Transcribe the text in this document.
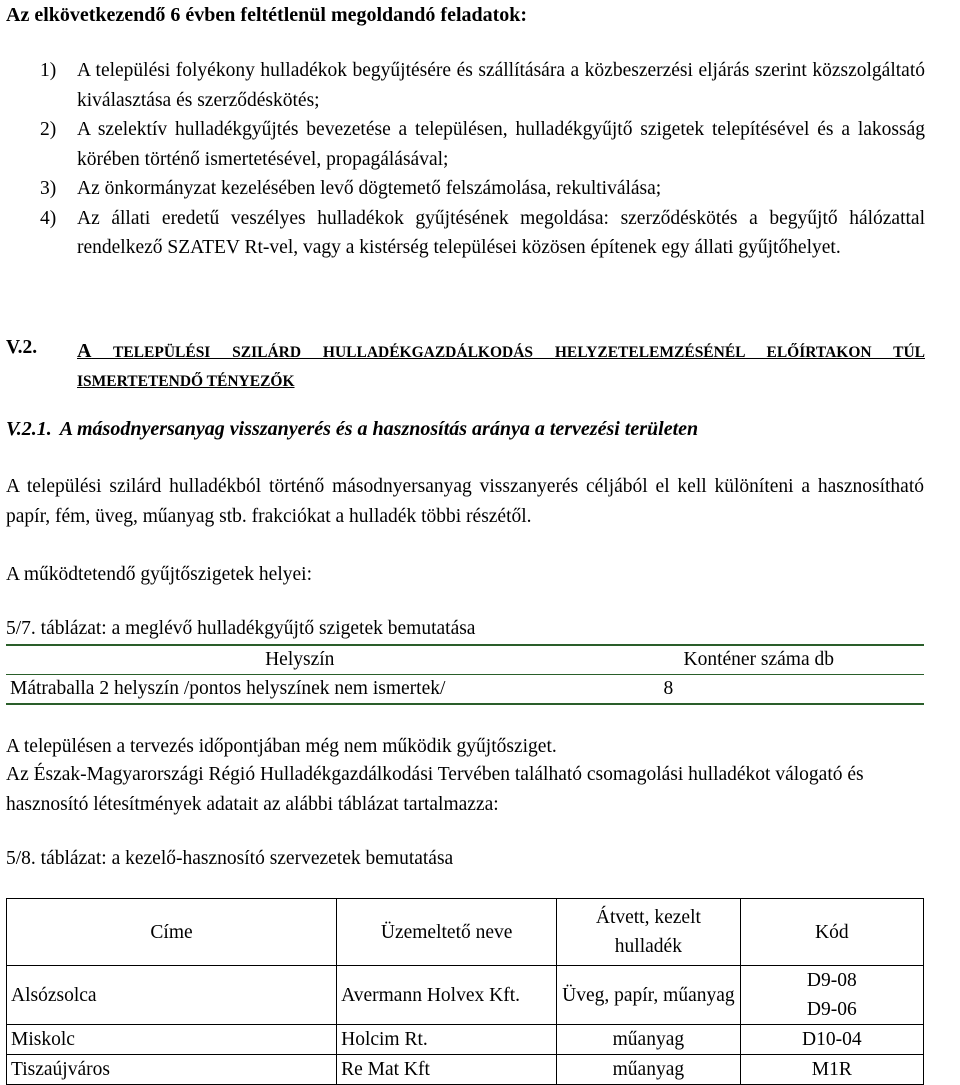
Az elkövetkezendő 6 évben feltétlenül megoldandó feladatok:
1)	A települési folyékony hulladékok begyűjtésére és szállítására a közbeszerzési eljárás szerint közszolgáltató kiválasztása és szerződéskötés;
2)	A szelektív hulladékgyűjtés bevezetése a településen, hulladékgyűjtő szigetek telepítésével és a lakosság körében történő ismertetésével, propagálásával;
3)	Az önkormányzat kezelésében levő dögtemető felszámolása, rekultiválása;
4)	Az állati eredetű veszélyes hulladékok gyűjtésének megoldása: szerződéskötés a begyűjtő hálózattal rendelkező SZATEV Rt-vel, vagy a kistérség települései közösen építenek egy állati gyűjtőhelyet.
V.2. A TELEPÜLÉSI SZILÁRD HULLADÉKGAZDÁLKODÁS HELYZETELEMZÉSÉNÉL ELŐÍRTAKON TÚL ISMERTETENDŐ TÉNYEZŐK
V.2.1. A másodnyersanyag visszanyerés és a hasznosítás aránya a tervezési területen
A települési szilárd hulladékból történő másodnyersanyag visszanyerés céljából el kell különíteni a hasznosítható papír, fém, üveg, műanyag stb. frakciókat a hulladék többi részétől.
A működtetendő gyűjtőszigetek helyei:
5/7. táblázat: a meglévő hulladékgyűjtő szigetek bemutatása
Helyszín	Konténer száma db
Mátraballa 2 helyszín /pontos helyszínek nem ismertek/	8
A településen a tervezés időpontjában még nem működik gyűjtősziget.
Az Észak-Magyarországi Régió Hulladékgazdálkodási Tervében található csomagolási hulladékot válogató és hasznosító létesítmények adatait az alábbi táblázat tartalmazza:
5/8. táblázat: a kezelő-hasznosító szervezetek bemutatása
Címe	Üzemeltető neve	Átvett, kezelt hulladék	Kód
Alsózsolca	Avermann Holvex Kft.	Üveg, papír, műanyag	D9-08
D9-06

Miskolc	Holcim Rt.	műanyag	D10-04
Tiszaújváros	Re Mat Kft	műanyag	M1R
